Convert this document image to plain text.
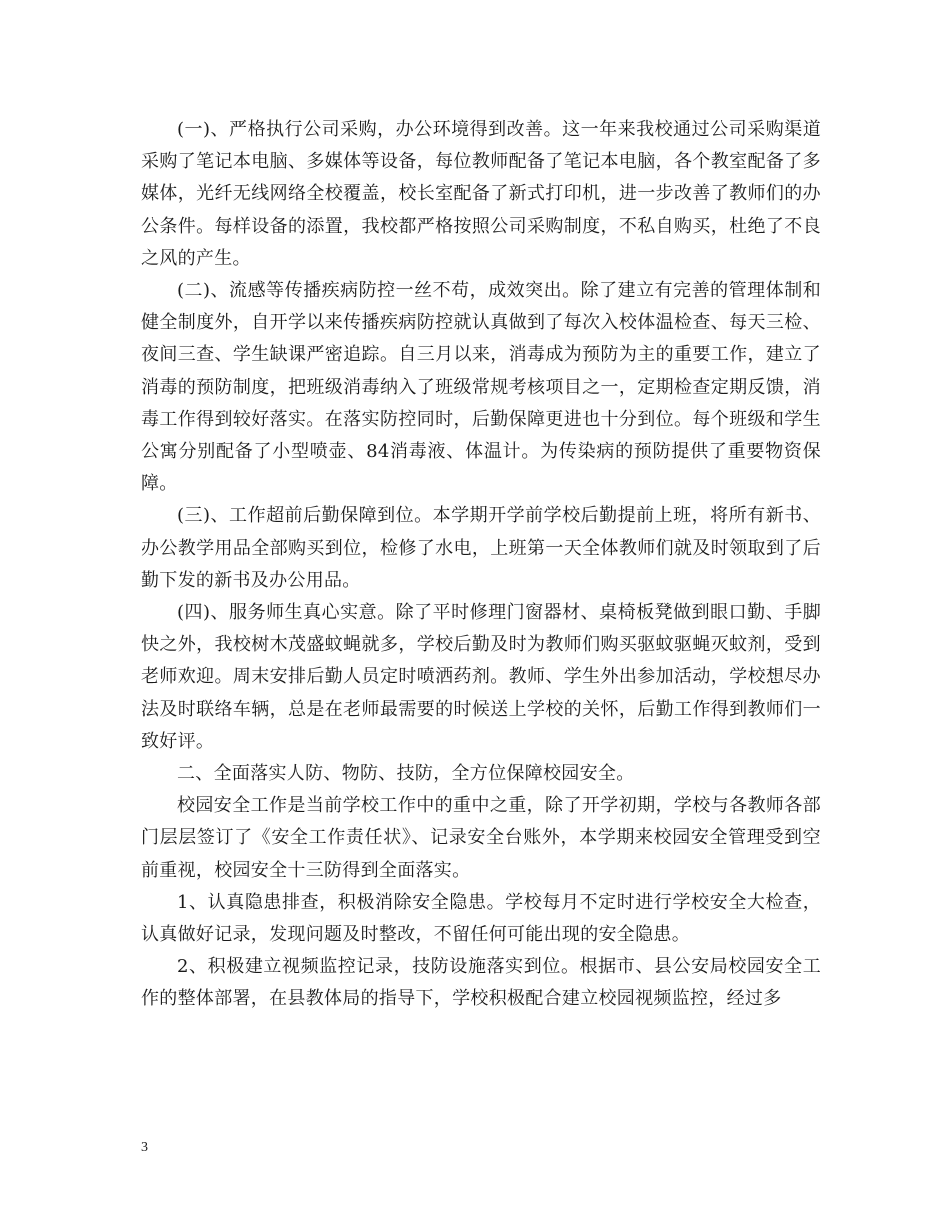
(一)、严格执行公司采购，办公环境得到改善。这一年来我校通过公司采购渠道采购了笔记本电脑、多媒体等设备，每位教师配备了笔记本电脑，各个教室配备了多媒体，光纤无线网络全校覆盖，校长室配备了新式打印机，进一步改善了教师们的办公条件。每样设备的添置，我校都严格按照公司采购制度，不私自购买，杜绝了不良之风的产生。

(二)、流感等传播疾病防控一丝不苟，成效突出。除了建立有完善的管理体制和健全制度外，自开学以来传播疾病防控就认真做到了每次入校体温检查、每天三检、夜间三查、学生缺课严密追踪。自三月以来，消毒成为预防为主的重要工作，建立了消毒的预防制度，把班级消毒纳入了班级常规考核项目之一，定期检查定期反馈，消毒工作得到较好落实。在落实防控同时，后勤保障更进也十分到位。每个班级和学生公寓分别配备了小型喷壶、84消毒液、体温计。为传染病的预防提供了重要物资保障。

(三)、工作超前后勤保障到位。本学期开学前学校后勤提前上班，将所有新书、办公教学用品全部购买到位，检修了水电，上班第一天全体教师们就及时领取到了后勤下发的新书及办公用品。

(四)、服务师生真心实意。除了平时修理门窗器材、桌椅板凳做到眼口勤、手脚快之外，我校树木茂盛蚊蝇就多，学校后勤及时为教师们购买驱蚊驱蝇灭蚊剂，受到老师欢迎。周末安排后勤人员定时喷洒药剂。教师、学生外出参加活动，学校想尽办法及时联络车辆，总是在老师最需要的时候送上学校的关怀，后勤工作得到教师们一致好评。

二、全面落实人防、物防、技防，全方位保障校园安全。

校园安全工作是当前学校工作中的重中之重，除了开学初期，学校与各教师各部门层层签订了《安全工作责任状》、记录安全台账外，本学期来校园安全管理受到空前重视，校园安全十三防得到全面落实。

1、认真隐患排查，积极消除安全隐患。学校每月不定时进行学校安全大检查，认真做好记录，发现问题及时整改，不留任何可能出现的安全隐患。

2、积极建立视频监控记录，技防设施落实到位。根据市、县公安局校园安全工作的整体部署，在县教体局的指导下，学校积极配合建立校园视频监控，经过多

3
